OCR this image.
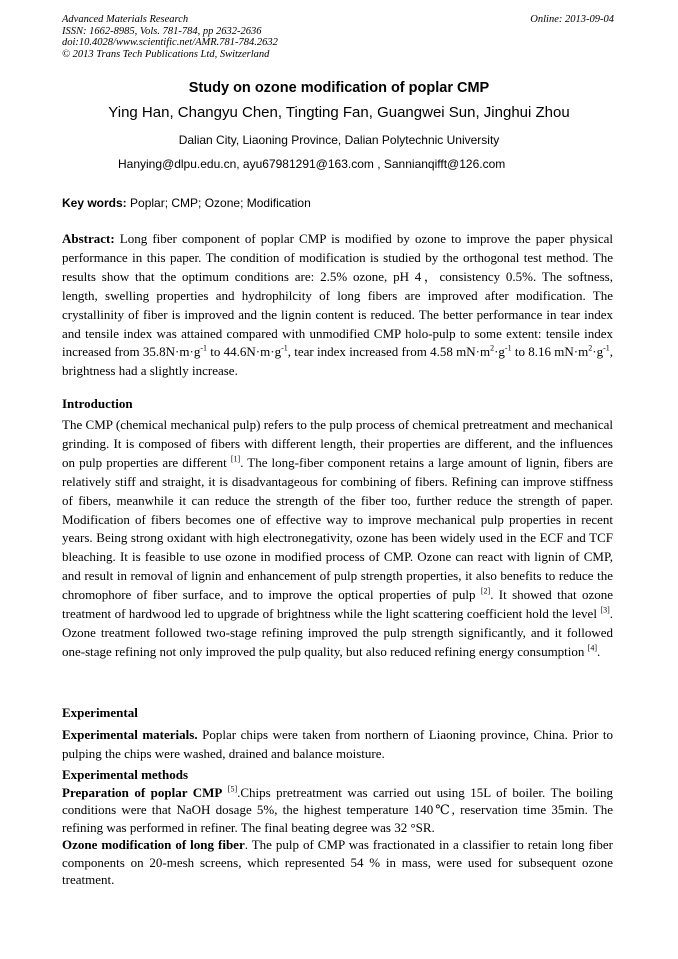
Advanced Materials Research
ISSN: 1662-8985, Vols. 781-784, pp 2632-2636
doi:10.4028/www.scientific.net/AMR.781-784.2632
© 2013 Trans Tech Publications Ltd, Switzerland
Online: 2013-09-04
Study on ozone modification of poplar CMP
Ying Han, Changyu Chen, Tingting Fan, Guangwei Sun, Jinghui Zhou
Dalian City, Liaoning Province, Dalian Polytechnic University
Hanying@dlpu.edu.cn, ayu67981291@163.com , Sannianqifft@126.com
Key words: Poplar; CMP; Ozone; Modification
Abstract: Long fiber component of poplar CMP is modified by ozone to improve the paper physical performance in this paper. The condition of modification is studied by the orthogonal test method. The results show that the optimum conditions are: 2.5% ozone, pH 4，consistency 0.5%. The softness, length, swelling properties and hydrophilcity of long fibers are improved after modification. The crystallinity of fiber is improved and the lignin content is reduced. The better performance in tear index and tensile index was attained compared with unmodified CMP holo-pulp to some extent: tensile index increased from $35.8N\cdot m\cdot g^{-1}$ to $44.6N\cdot m\cdot g^{-1}$, tear index increased from 4.58 $mN\cdot m^2\cdot g^{-1}$ to 8.16 $mN\cdot m^2\cdot g^{-1}$, brightness had a slightly increase.
Introduction
The CMP (chemical mechanical pulp) refers to the pulp process of chemical pretreatment and mechanical grinding. It is composed of fibers with different length, their properties are different, and the influences on pulp properties are different [1]. The long-fiber component retains a large amount of lignin, fibers are relatively stiff and straight, it is disadvantageous for combining of fibers. Refining can improve stiffness of fibers, meanwhile it can reduce the strength of the fiber too, further reduce the strength of paper. Modification of fibers becomes one of effective way to improve mechanical pulp properties in recent years. Being strong oxidant with high electronegativity, ozone has been widely used in the ECF and TCF bleaching. It is feasible to use ozone in modified process of CMP. Ozone can react with lignin of CMP, and result in removal of lignin and enhancement of pulp strength properties, it also benefits to reduce the chromophore of fiber surface, and to improve the optical properties of pulp [2]. It showed that ozone treatment of hardwood led to upgrade of brightness while the light scattering coefficient hold the level [3]. Ozone treatment followed two-stage refining improved the pulp strength significantly, and it followed one-stage refining not only improved the pulp quality, but also reduced refining energy consumption [4].
Experimental
Experimental materials. Poplar chips were taken from northern of Liaoning province, China. Prior to pulping the chips were washed, drained and balance moisture.
Experimental methods
Preparation of poplar CMP [5].Chips pretreatment was carried out using 15L of boiler. The boiling conditions were that NaOH dosage 5%, the highest temperature 140℃, reservation time 35min. The refining was performed in refiner. The final beating degree was 32 °SR.
Ozone modification of long fiber. The pulp of CMP was fractionated in a classifier to retain long fiber components on 20-mesh screens, which represented 54 % in mass, were used for subsequent ozone treatment.
